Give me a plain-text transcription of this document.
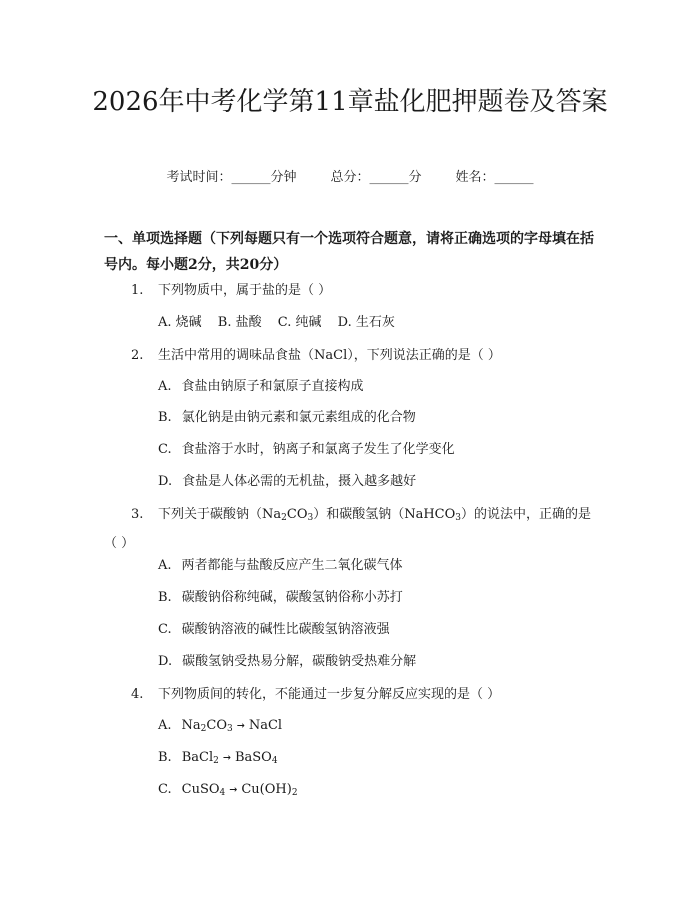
2026年中考化学第11章盐化肥押题卷及答案
考试时间：______分钟	总分：______分	姓名：______

一、单项选择题（下列每题只有一个选项符合题意，请将正确选项的字母填在括号内。每小题2分，共20分）

1. 下列物质中，属于盐的是（ ）
A. 烧碱 B. 盐酸 C. 纯碱 D. 生石灰
2. 生活中常用的调味品食盐（NaCl），下列说法正确的是（ ）
A. 食盐由钠原子和氯原子直接构成
B. 氯化钠是由钠元素和氯元素组成的化合物
C. 食盐溶于水时，钠离子和氯离子发生了化学变化
D. 食盐是人体必需的无机盐，摄入越多越好
3. 下列关于碳酸钠$(Na_2CO_3)$和碳酸氢钠（NaHCO$_3$）的说法中，正确的是（ ）
A. 两者都能与盐酸反应产生二氧化碳气体
B. 碳酸钠俗称纯碱，碳酸氢钠俗称小苏打
C. 碳酸钠溶液的碱性比碳酸氢钠溶液强
D. 碳酸氢钠受热易分解，碳酸钠受热难分解
4. 下列物质间的转化，不能通过一步复分解反应实现的是（ ）
A. $Na_2CO_3$ → NaCl
B. BaCl$_2$ → BaSO$_4$
C. CuSO$_4$ → $Cu(OH)_2$
